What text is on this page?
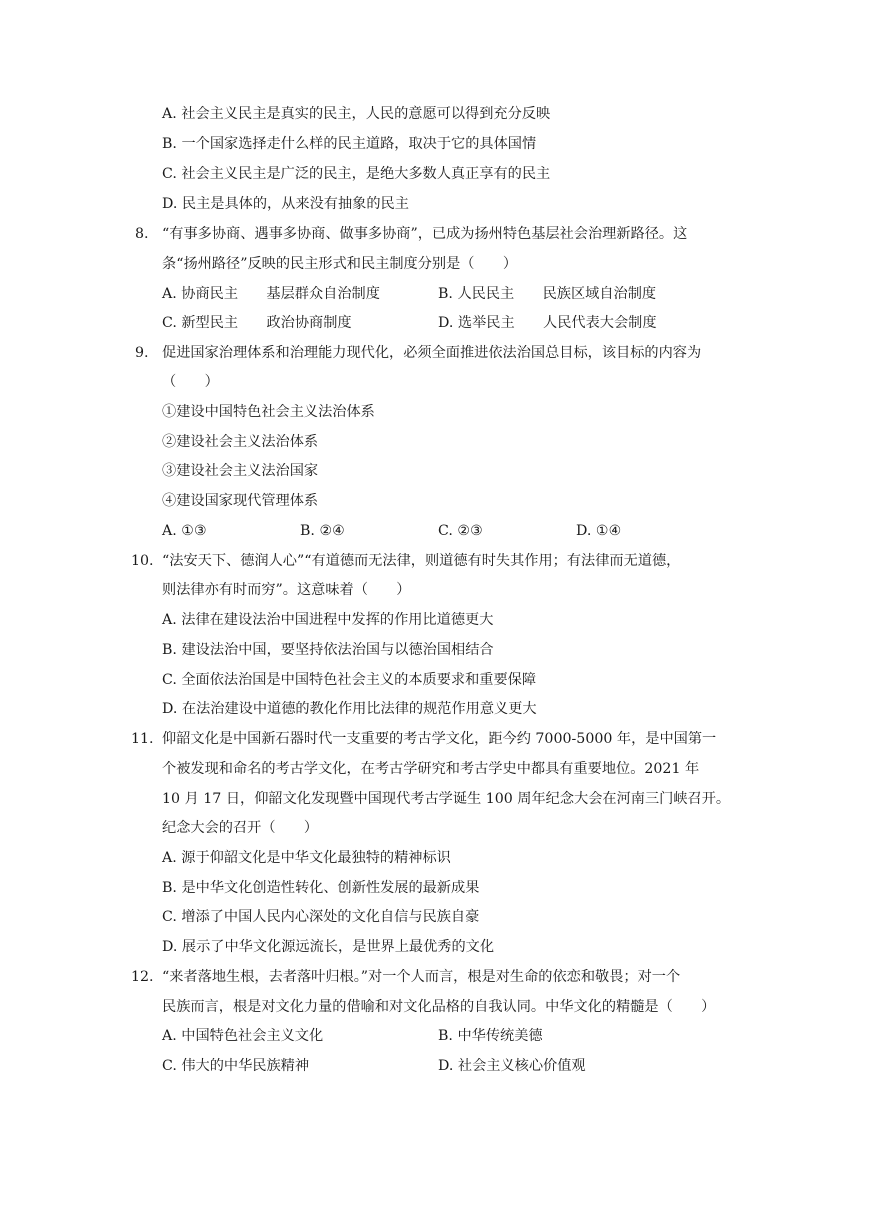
A. 社会主义民主是真实的民主，人民的意愿可以得到充分反映
B. 一个国家选择走什么样的民主道路，取决于它的具体国情
C. 社会主义民主是广泛的民主，是绝大多数人真正享有的民主
D. 民主是具体的，从来没有抽象的民主
8. “有事多协商、遇事多协商、做事多协商”，已成为扬州特色基层社会治理新路径。这
条“扬州路径”反映的民主形式和民主制度分别是（　　）
A. 协商民主　　基层群众自治制度	B. 人民民主　　民族区域自治制度
C. 新型民主　　政治协商制度	D. 选举民主　　人民代表大会制度
9. 促进国家治理体系和治理能力现代化，必须全面推进依法治国总目标，该目标的内容为
（　　）
①建设中国特色社会主义法治体系
②建设社会主义法治体系
③建设社会主义法治国家
④建设国家现代管理体系
A. ①③	B. ②④	C. ②③	D. ①④
10. “法安天下、德润人心”“有道德而无法律，则道德有时失其作用；有法律而无道德，
则法律亦有时而穷”。这意味着（　　）
A. 法律在建设法治中国进程中发挥的作用比道德更大
B. 建设法治中国，要坚持依法治国与以德治国相结合
C. 全面依法治国是中国特色社会主义的本质要求和重要保障
D. 在法治建设中道德的教化作用比法律的规范作用意义更大
11. 仰韶文化是中国新石器时代一支重要的考古学文化，距今约 7000-5000 年，是中国第一
个被发现和命名的考古学文化，在考古学研究和考古学史中都具有重要地位。2021 年
10 月 17 日，仰韶文化发现暨中国现代考古学诞生 100 周年纪念大会在河南三门峡召开。
纪念大会的召开（　　）
A. 源于仰韶文化是中华文化最独特的精神标识
B. 是中华文化创造性转化、创新性发展的最新成果
C. 增添了中国人民内心深处的文化自信与民族自豪
D. 展示了中华文化源远流长，是世界上最优秀的文化
12. “来者落地生根，去者落叶归根。”对一个人而言，根是对生命的依恋和敬畏；对一个
民族而言，根是对文化力量的借喻和对文化品格的自我认同。中华文化的精髓是（　　）
A. 中国特色社会主义文化	B. 中华传统美德
C. 伟大的中华民族精神	D. 社会主义核心价值观
